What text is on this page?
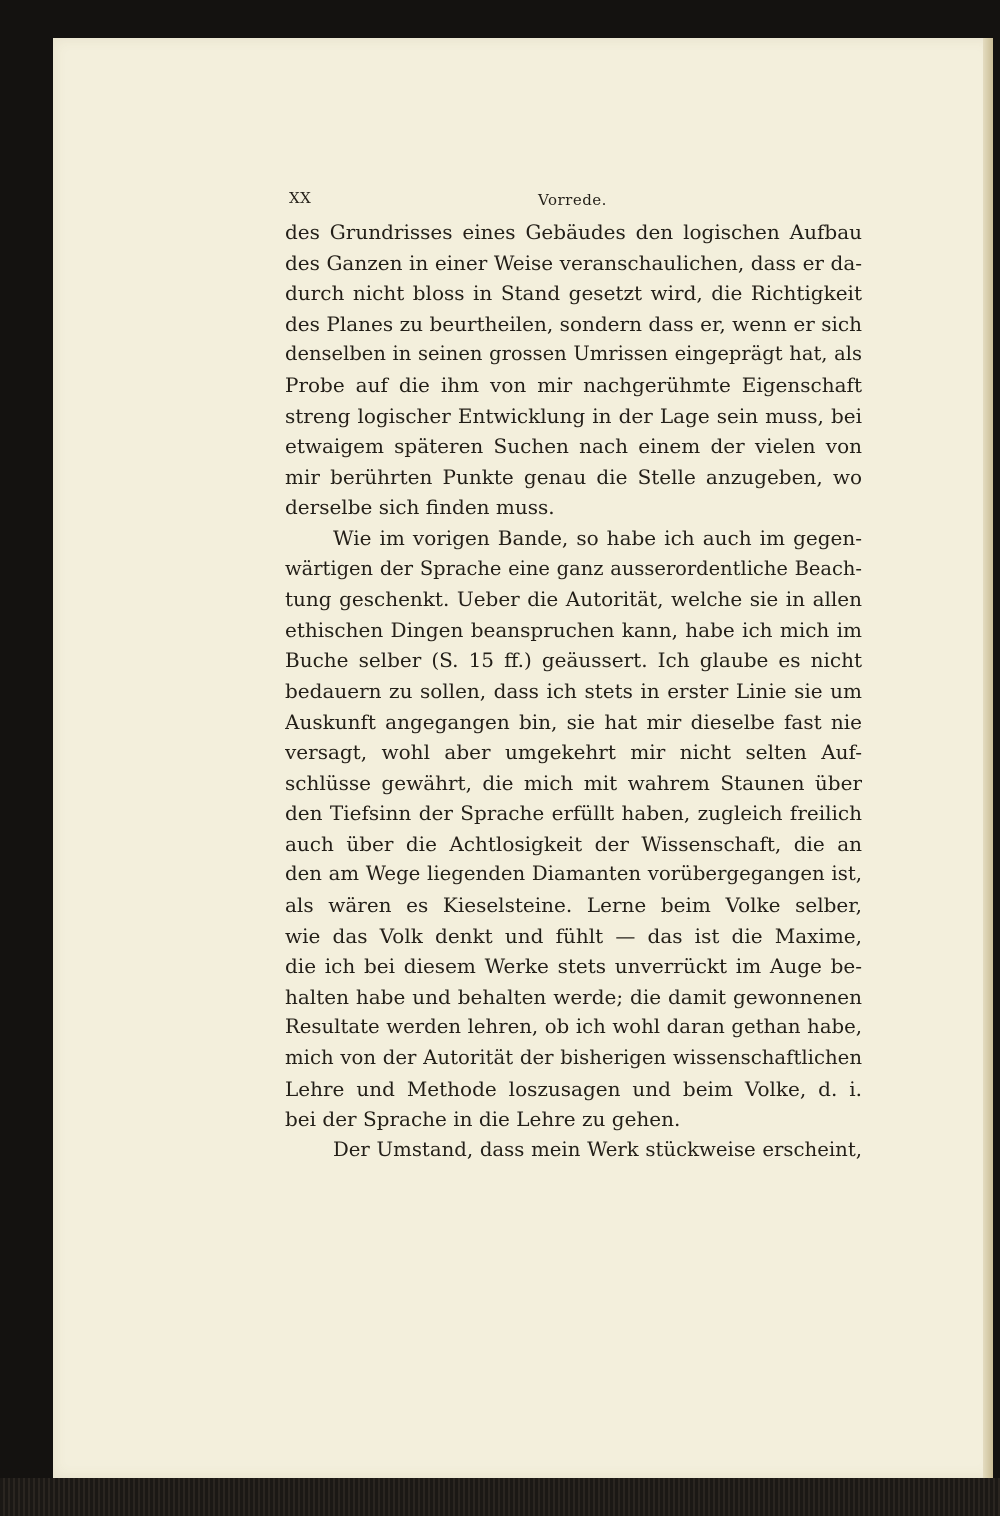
XX	Vorrede.
des Grundrisses eines Gebäudes den logischen Aufbau
des Ganzen in einer Weise veranschaulichen, dass er da-
durch nicht bloss in Stand gesetzt wird, die Richtigkeit
des Planes zu beurtheilen, sondern dass er, wenn er sich
denselben in seinen grossen Umrissen eingeprägt hat, als
Probe auf die ihm von mir nachgerühmte Eigenschaft
streng logischer Entwicklung in der Lage sein muss, bei
etwaigem späteren Suchen nach einem der vielen von
mir berührten Punkte genau die Stelle anzugeben, wo
derselbe sich finden muss.
Wie im vorigen Bande, so habe ich auch im gegen-
wärtigen der Sprache eine ganz ausserordentliche Beach-
tung geschenkt. Ueber die Autorität, welche sie in allen
ethischen Dingen beanspruchen kann, habe ich mich im
Buche selber (S. 15 ff.) geäussert. Ich glaube es nicht
bedauern zu sollen, dass ich stets in erster Linie sie um
Auskunft angegangen bin, sie hat mir dieselbe fast nie
versagt, wohl aber umgekehrt mir nicht selten Auf-
schlüsse gewährt, die mich mit wahrem Staunen über
den Tiefsinn der Sprache erfüllt haben, zugleich freilich
auch über die Achtlosigkeit der Wissenschaft, die an
den am Wege liegenden Diamanten vorübergegangen ist,
als wären es Kieselsteine. Lerne beim Volke selber,
wie das Volk denkt und fühlt — das ist die Maxime,
die ich bei diesem Werke stets unverrückt im Auge be-
halten habe und behalten werde; die damit gewonnenen
Resultate werden lehren, ob ich wohl daran gethan habe,
mich von der Autorität der bisherigen wissenschaftlichen
Lehre und Methode loszusagen und beim Volke, d. i.
bei der Sprache in die Lehre zu gehen.
Der Umstand, dass mein Werk stückweise erscheint,
